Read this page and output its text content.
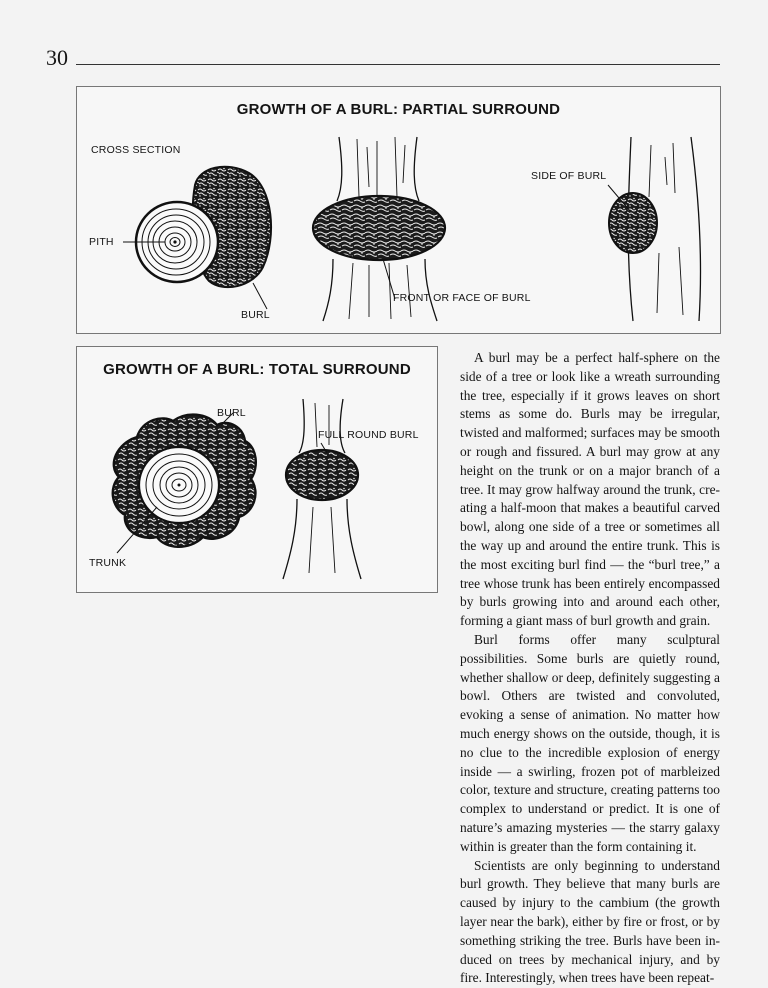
30
GROWTH OF A BURL: PARTIAL SURROUND
CROSS SECTION
PITH
BURL
FRONT OR FACE OF BURL
SIDE OF BURL
GROWTH OF A BURL: TOTAL SURROUND
BURL
TRUNK
FULL ROUND BURL

A burl may be a perfect half-sphere on the side of a tree or look like a wreath surrounding the tree, especially if it grows leaves on short stems as some do. Burls may be irregular, twisted and malformed; surfaces may be smooth or rough and fissured. A burl may grow at any height on the trunk or on a major branch of a tree. It may grow halfway around the trunk, creating a half-moon that makes a beautiful carved bowl, along one side of a tree or sometimes all the way up and around the entire trunk. This is the most exciting burl find — the “burl tree,” a tree whose trunk has been entirely encompassed by burls growing into and around each other, forming a giant mass of burl growth and grain.

Burl forms offer many sculptural possibilities. Some burls are quietly round, whether shallow or deep, definitely suggesting a bowl. Others are twisted and convoluted, evoking a sense of animation. No matter how much energy shows on the outside, though, it is no clue to the incredible explosion of energy inside — a swirling, frozen pot of marbleized color, texture and structure, creating patterns too complex to understand or predict. It is one of nature’s amazing mysteries — the starry galaxy within is greater than the form containing it.

Scientists are only beginning to understand burl growth. They believe that many burls are caused by injury to the cambium (the growth layer near the bark), either by fire or frost, or by something striking the tree. Burls have been induced on trees by mechanical injury, and by fire. Interestingly, when trees have been repeat-
